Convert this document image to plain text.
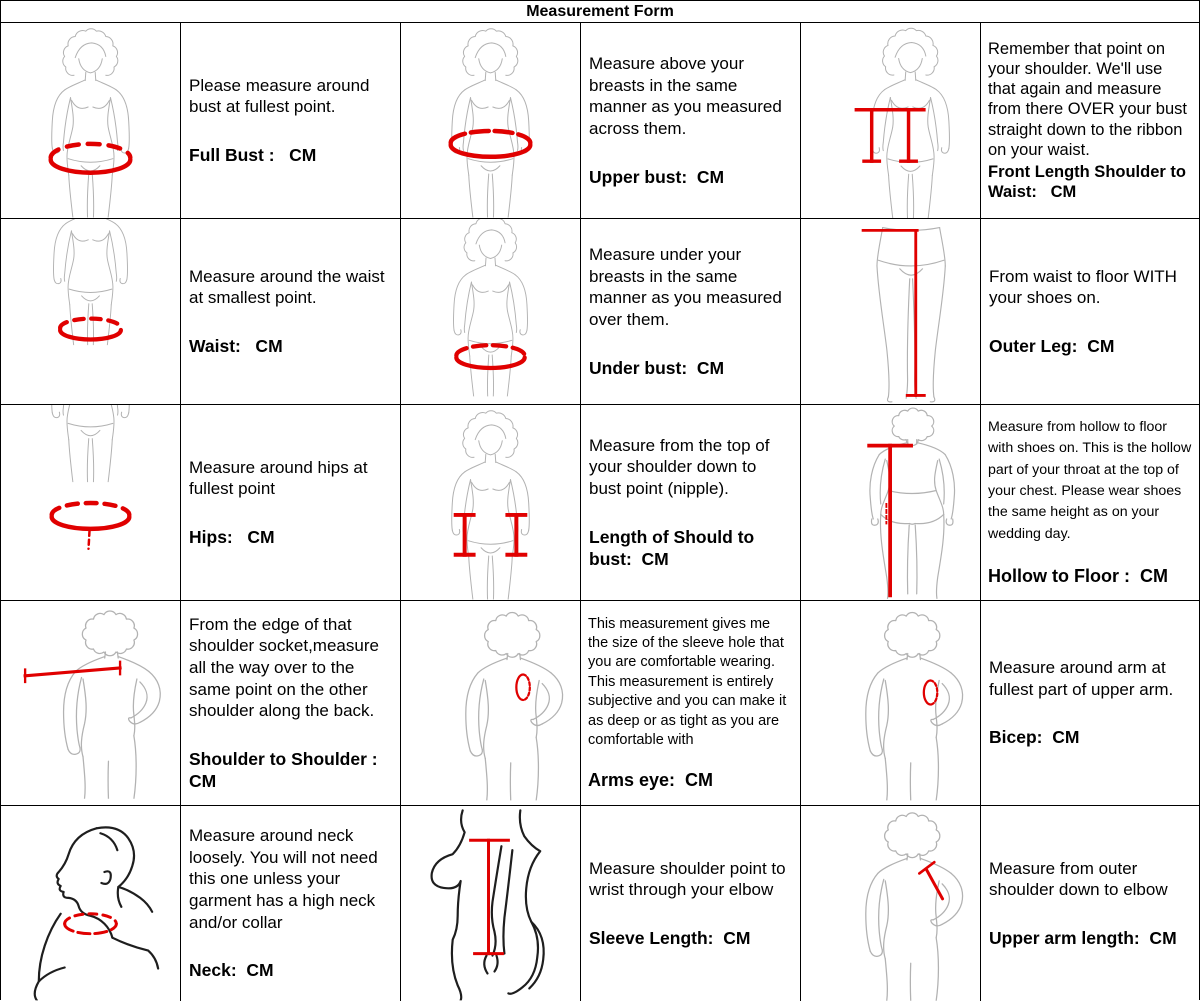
Measurement Form

Please measure around bust at fullest point.

Full Bust :   CM

Measure above your breasts in the same manner as you measured across them.

Upper bust:  CM

Remember that point on your shoulder. We'll use that again and measure from there OVER your bust straight down to the ribbon on your waist.

Front Length Shoulder to Waist:   CM

Measure around the waist at smallest point.

Waist:   CM

Measure under your breasts in the same manner as you measured over them.

Under bust:  CM

From waist to floor WITH your shoes on.

Outer Leg:  CM

Measure around hips at fullest point

Hips:   CM

Measure from the top of your shoulder down to bust point (nipple).

Length of Should to bust:  CM

Measure from hollow to floor with shoes on. This is the hollow part of your throat at the top of your chest. Please wear shoes the same height as on your wedding day.

Hollow to Floor :  CM

From the edge of that shoulder socket,measure all the way over to the same point on the other shoulder along the back.

Shoulder to Shoulder : CM

This measurement gives me the size of the sleeve hole that you are comfortable wearing. This measurement is entirely subjective and you can make it as deep or as tight as you are comfortable with

Arms eye:  CM

Measure around arm at fullest part of upper arm.

Bicep:  CM

Measure around neck loosely. You will not need this one unless your garment has a high neck and/or collar

Neck:  CM

Measure shoulder point to wrist through your elbow

Sleeve Length:  CM

Measure from outer shoulder down to elbow

Upper arm length:  CM
